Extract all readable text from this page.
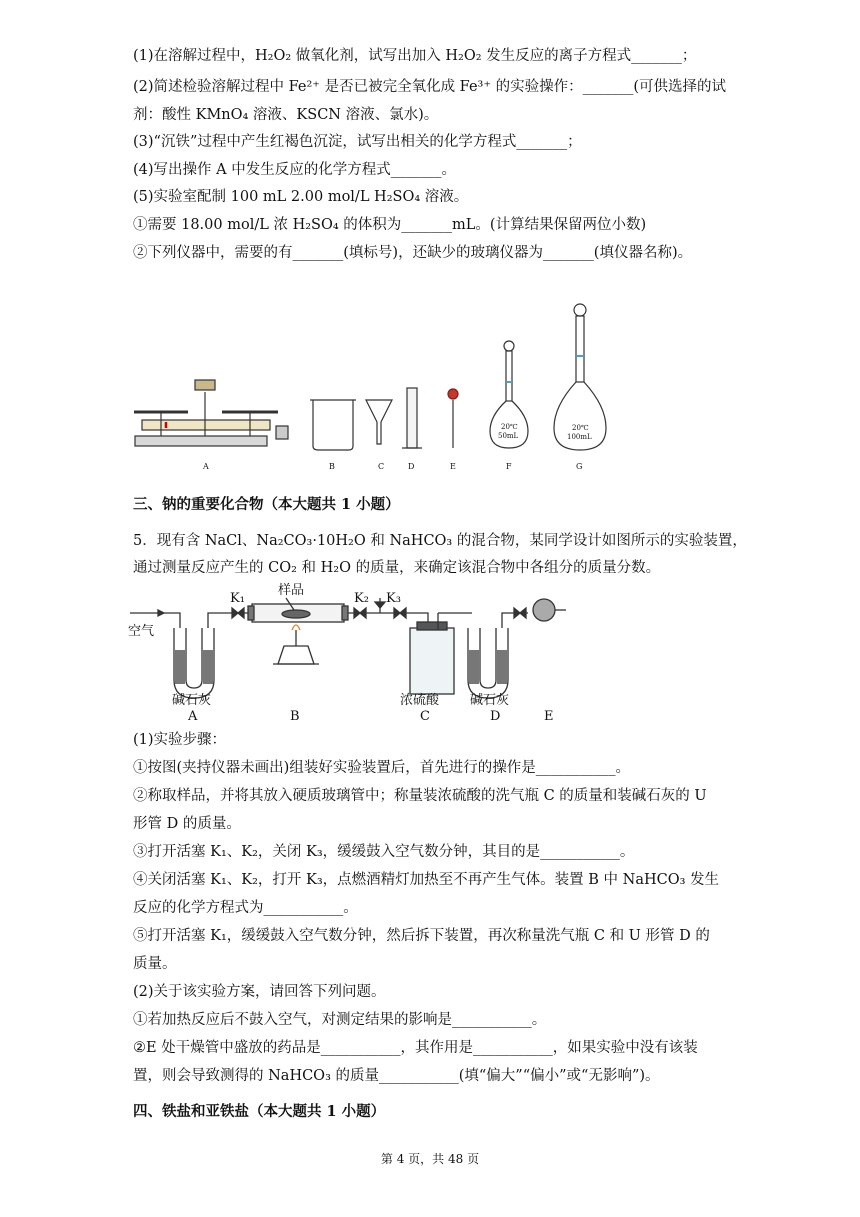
(1)在溶解过程中，H₂O₂ 做氧化剂，试写出加入 H₂O₂ 发生反应的离子方程式_______；
(2)简述检验溶解过程中 Fe²⁺ 是否已被完全氧化成 Fe³⁺ 的实验操作：_______(可供选择的试
剂：酸性 KMnO₄ 溶液、KSCN 溶液、氯水)。
(3)“沉铁”过程中产生红褐色沉淀，试写出相关的化学方程式_______；
(4)写出操作 A 中发生反应的化学方程式_______。
(5)实验室配制 100 mL 2.00 mol/L H₂SO₄ 溶液。
①需要 18.00 mol/L 浓 H₂SO₄ 的体积为_______mL。(计算结果保留两位小数)
②下列仪器中，需要的有_______(填标号)，还缺少的玻璃仪器为_______(填仪器名称)。
20℃
50mL
20℃
100mL
A	B	C	D	E	F	G
三、钠的重要化合物（本大题共 1 小题）
5．现有含 NaCl、Na₂CO₃·10H₂O 和 NaHCO₃ 的混合物，某同学设计如图所示的实验装置，
通过测量反应产生的 CO₂ 和 H₂O 的质量，来确定该混合物中各组分的质量分数。
空气
K₁
样品
K₂ K₃
碱石灰	浓硫酸 碱石灰
A	B	C	D	E
(1)实验步骤：
①按图(夹持仪器未画出)组装好实验装置后，首先进行的操作是___________。
②称取样品，并将其放入硬质玻璃管中；称量装浓硫酸的洗气瓶 C 的质量和装碱石灰的 U
形管 D 的质量。
③打开活塞 K₁、K₂，关闭 K₃，缓缓鼓入空气数分钟，其目的是___________。
④关闭活塞 K₁、K₂，打开 K₃，点燃酒精灯加热至不再产生气体。装置 B 中 NaHCO₃ 发生
反应的化学方程式为___________。
⑤打开活塞 K₁，缓缓鼓入空气数分钟，然后拆下装置，再次称量洗气瓶 C 和 U 形管 D 的
质量。
(2)关于该实验方案，请回答下列问题。
①若加热反应后不鼓入空气，对测定结果的影响是___________。
②E 处干燥管中盛放的药品是___________，其作用是___________，如果实验中没有该装
置，则会导致测得的 NaHCO₃ 的质量___________(填“偏大”“偏小”或“无影响”)。
四、铁盐和亚铁盐（本大题共 1 小题）
第 4 页，共 48 页
